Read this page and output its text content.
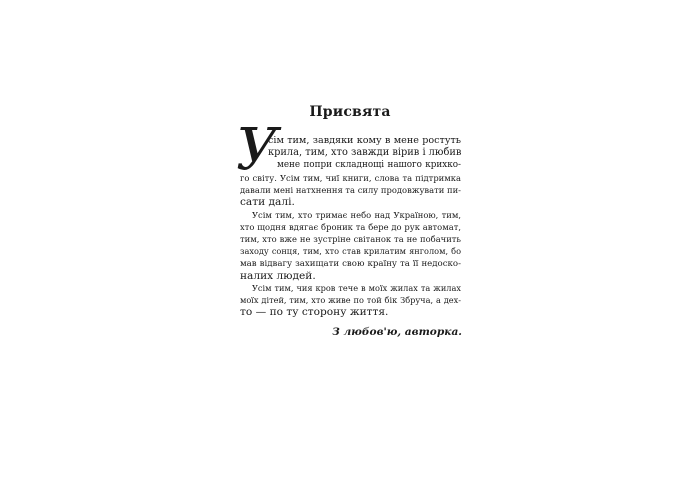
Присвята
У
сім тим, завдяки кому в мене ростуть
крила, тим, хто завжди вірив і любив
мене попри складнощі нашого крихко-
го світу. Усім тим, чиї книги, слова та підтримка
давали мені натхнення та силу продовжувати пи-
сати далі.
Усім тим, хто тримає небо над Україною, тим,
хто щодня вдягає броник та бере до рук автомат,
тим, хто вже не зустріне світанок та не побачить
заходу сонця, тим, хто став крилатим янголом, бо
мав відвагу захищати свою країну та її недоско-
налих людей.
Усім тим, чия кров тече в моїх жилах та жилах
моїх дітей, тим, хто живе по той бік Збруча, а дех-
то — по ту сторону життя.
З любов'ю, авторка.
